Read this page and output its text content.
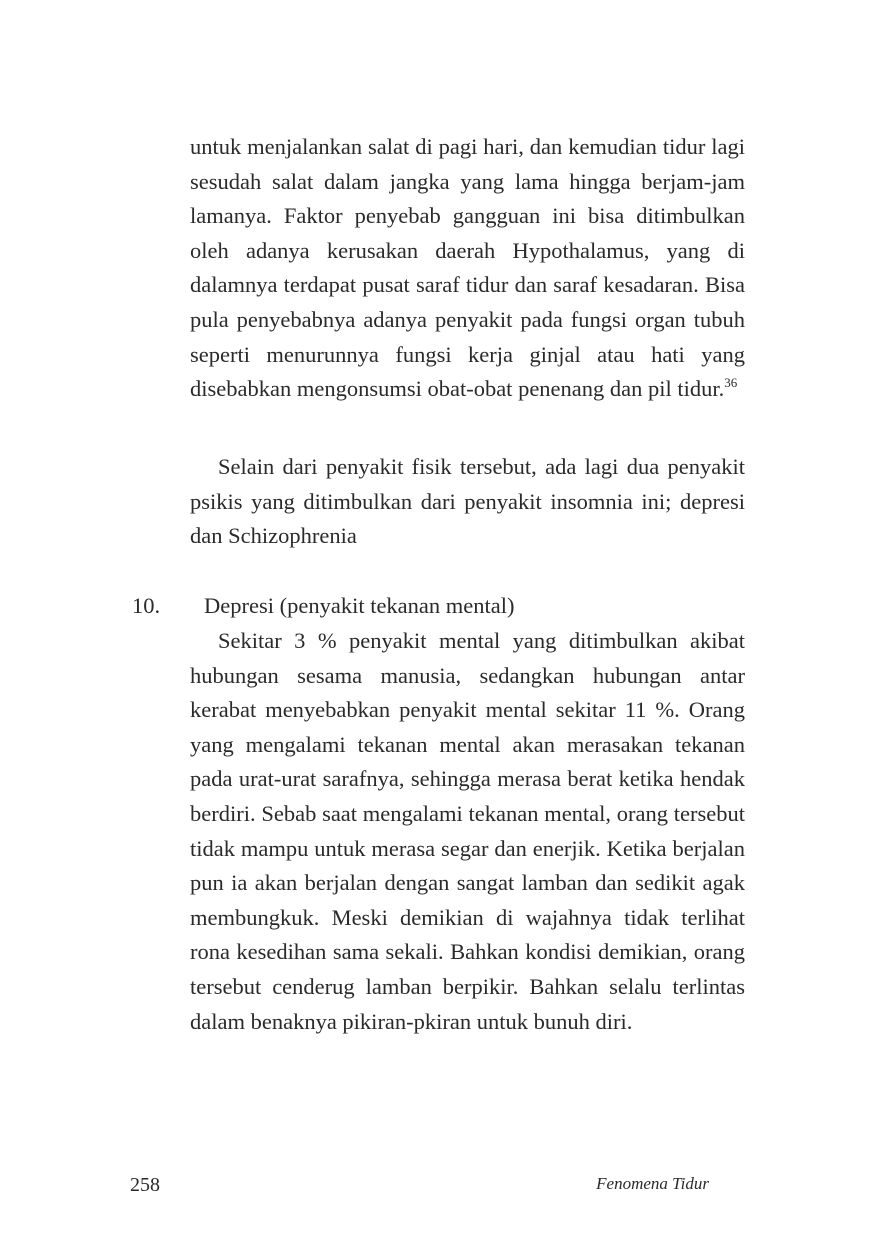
untuk menjalankan salat di pagi hari, dan kemudian tidur lagi sesudah salat dalam jangka yang lama hingga berjam-jam lamanya. Faktor penyebab gangguan ini bisa ditimbulkan oleh adanya kerusakan daerah Hypothalamus, yang di dalamnya terdapat pusat saraf tidur dan saraf kesadaran. Bisa pula penyebabnya adanya penyakit pada fungsi organ tubuh seperti menurunnya fungsi kerja ginjal atau hati yang disebabkan mengonsumsi obat-obat penenang dan pil tidur.$^{36}$

Selain dari penyakit fisik tersebut, ada lagi dua penyakit psikis yang ditimbulkan dari penyakit insomnia ini; depresi dan Schizophrenia

10. Depresi (penyakit tekanan mental)

Sekitar 3 % penyakit mental yang ditimbulkan akibat hubungan sesama manusia, sedangkan hubungan antar kerabat menyebabkan penyakit mental sekitar 11 %. Orang yang mengalami tekanan mental akan merasakan tekanan pada urat-urat sarafnya, sehingga merasa berat ketika hendak berdiri. Sebab saat mengalami tekanan mental, orang tersebut tidak mampu untuk merasa segar dan enerjik. Ketika berjalan pun ia akan berjalan dengan sangat lamban dan sedikit agak membungkuk. Meski demikian di wajahnya tidak terlihat rona kesedihan sama sekali. Bahkan kondisi demikian, orang tersebut cenderug lamban berpikir. Bahkan selalu terlintas dalam benaknya pikiran-pkiran untuk bunuh diri.

258	Fenomena Tidur
